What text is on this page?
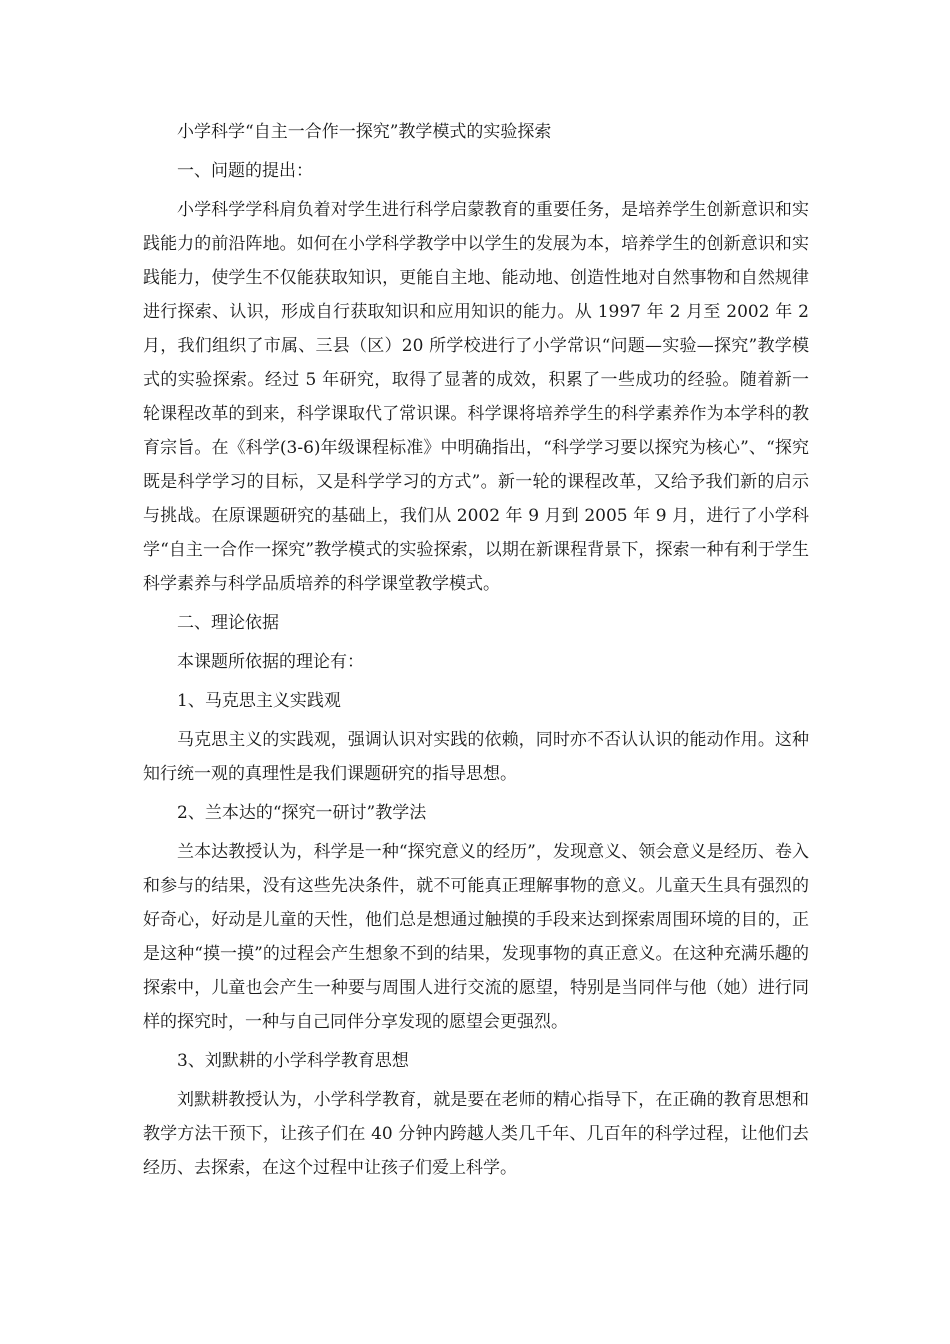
小学科学“自主一合作一探究”教学模式的实验探索

一、问题的提出：

小学科学学科肩负着对学生进行科学启蒙教育的重要任务，是培养学生创新意识和实践能力的前沿阵地。如何在小学科学教学中以学生的发展为本，培养学生的创新意识和实践能力，使学生不仅能获取知识，更能自主地、能动地、创造性地对自然事物和自然规律进行探索、认识，形成自行获取知识和应用知识的能力。从 1997 年 2 月至 2002 年 2 月，我们组织了市属、三县（区）20 所学校进行了小学常识“问题—实验—探究”教学模式的实验探索。经过 5 年研究，取得了显著的成效，积累了一些成功的经验。随着新一轮课程改革的到来，科学课取代了常识课。科学课将培养学生的科学素养作为本学科的教育宗旨。在《科学(3-6)年级课程标准》中明确指出，“科学学习要以探究为核心”、“探究既是科学学习的目标，又是科学学习的方式”。新一轮的课程改革，又给予我们新的启示与挑战。在原课题研究的基础上，我们从 2002 年 9 月到 2005 年 9 月，进行了小学科学“自主一合作一探究”教学模式的实验探索，以期在新课程背景下，探索一种有利于学生科学素养与科学品质培养的科学课堂教学模式。

二、理论依据

本课题所依据的理论有：

1、马克思主义实践观

马克思主义的实践观，强调认识对实践的依赖，同时亦不否认认识的能动作用。这种知行统一观的真理性是我们课题研究的指导思想。

2、兰本达的“探究一研讨”教学法

兰本达教授认为，科学是一种“探究意义的经历”，发现意义、领会意义是经历、卷入和参与的结果，没有这些先决条件，就不可能真正理解事物的意义。儿童天生具有强烈的好奇心，好动是儿童的天性，他们总是想通过触摸的手段来达到探索周围环境的目的，正是这种“摸一摸”的过程会产生想象不到的结果，发现事物的真正意义。在这种充满乐趣的探索中，儿童也会产生一种要与周围人进行交流的愿望，特别是当同伴与他（她）进行同样的探究时，一种与自己同伴分享发现的愿望会更强烈。

3、刘默耕的小学科学教育思想

刘默耕教授认为，小学科学教育，就是要在老师的精心指导下，在正确的教育思想和教学方法干预下，让孩子们在 40 分钟内跨越人类几千年、几百年的科学过程，让他们去经历、去探索，在这个过程中让孩子们爱上科学。
